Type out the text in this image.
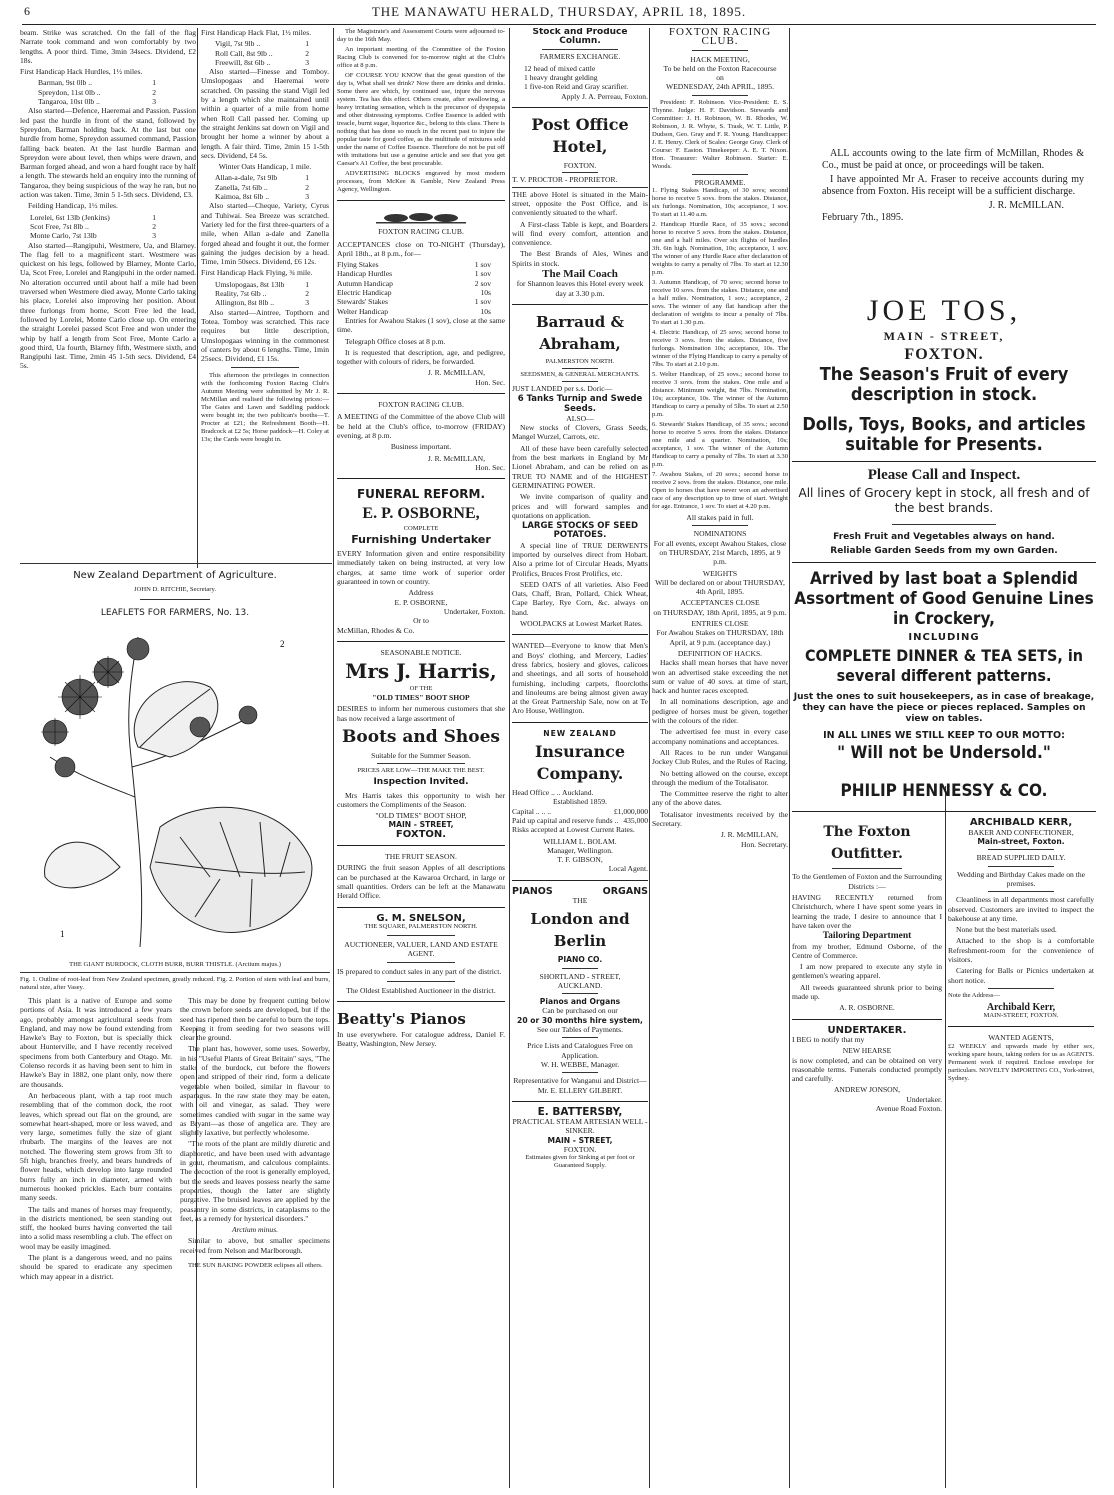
6	THE MANAWATU HERALD, THURSDAY, APRIL 18, 1895.

beam. Strike was scratched. On the fall of the flag Narrate took command and won comfortably by two lengths. A poor third. Time, 3min 34secs. Dividend, £2 18s.

First Handicap Hack Hurdles, 1½ miles.

Barman, 9st 0lb ..	1
Spreydon, 11st 0lb ..	2
Tangaroa, 10st 0lb ..	3

Also started—Defence, Haeremai and Passion. Passion led past the hurdle in front of the stand, followed by Spreydon, Barman holding back. At the last but one hurdle from home, Spreydon assumed command, Passion falling back beaten. At the last hurdle Barman and Spreydon were about level, then whips were drawn, and Barman forged ahead, and won a hard fought race by half a length. The stewards held an enquiry into the running of Tangaroa, they being suspicious of the way he ran, but no action was taken. Time, 3min 5 1-5th secs. Dividend, £3.

Feilding Handicap, 1½ miles.

Lorelei, 6st 13lb (Jenkins)	1
Scot Free, 7st 8lb ..	2
Monte Carlo, 7st 13lb	3

Also started—Rangipuhi, Westmere, Ua, and Blarney. The flag fell to a magnificent start. Westmere was quickest on his legs, followed by Blarney, Monte Carlo, Ua, Scot Free, Lorelei and Rangipuhi in the order named. No alteration occurred until about half a mile had been traversed when Westmere died away, Monte Carlo taking his place, Lorelei also improving her position. About three furlongs from home, Scott Free led the lead, followed by Lorelei, Monte Carlo close up. On entering the straight Lorelei passed Scot Free and won under the whip by half a length from Scot Free, Monte Carlo a good third, Ua fourth, Blarney fifth, Westmere sixth, and Rangipuhi last. Time, 2min 45 1-5th secs. Dividend, £4 5s.

First Handicap Hack Flat, 1½ miles.

Vigil, 7st 9lb ..	1
Roll Call, 8st 9lb ..	2
Freewill, 8st 6lb ..	3

Also started—Finesse and Tomboy. Umslopogaas and Haeremai were scratched. On passing the stand Vigil led by a length which she maintained until within a quarter of a mile from home when Roll Call passed her. Coming up the straight Jenkins sat down on Vigil and brought her home a winner by about a length. A fair third. Time, 2min 15 1-5th secs. Dividend, £4 5s.

Winter Oats Handicap, 1 mile.

Allan-a-dale, 7st 9lb	1
Zanella, 7st 6lb ..	2
Kaimoa, 8st 6lb ..	3

Also started—Cheque, Variety, Cyrus and Tuhiwai. Sea Breeze was scratched. Variety led for the first three-quarters of a mile, when Allan a-dale and Zanella forged ahead and fought it out, the former gaining the judges decision by a head. Time, 1min 50secs. Dividend, £6 12s.

First Handicap Hack Flying, ¾ mile.

Umslopogaas, 8st 13lb	1
Reality, 7st 6lb ..	2
Allington, 8st 8lb ..	3

Also started—Aintree, Topthorn and Totea. Tomboy was scratched. This race requires but little description, Umslopogaas winning in the commonest of canters by about 6 lengths. Time, 1min 25secs. Dividend, £1 15s.

This afternoon the privileges in connection with the forthcoming Foxton Racing Club's Autumn Meeting were submitted by Mr J. R. McMillan and realised the following prices:—The Gates and Lawn and Saddling paddock were bought in; the two publican's booths—T. Procter at £21; the Refreshment Booth—H. Bradcock at £2 5s; Horse paddock—H. Coley at 13s; the Cards were bought in.

New Zealand Department of Agriculture.
JOHN D. RITCHIE, Secretary.
LEAFLETS FOR FARMERS, No. 13.
1
2
THE GIANT BURDOCK, CLOTH BURR, BURR THISTLE. (Arctium majus.)

Fig. 1. Outline of root-leaf from New Zealand specimen, greatly reduced. Fig. 2. Portion of stem with leaf and burrs, natural size, after Vasey.

This plant is a native of Europe and some portions of Asia. It was introduced a few years ago, probably amongst agricultural seeds from England, and may now be found extending from Hawke's Bay to Foxton, but is specially thick about Hunterville, and I have recently received specimens from both Canterbury and Otago. Mr. Colenso records it as having been sent to him in Hawke's Bay in 1882, one plant only, now there are thousands.

An herbaceous plant, with a tap root much resembling that of the common dock, the root leaves, which spread out flat on the ground, are somewhat heart-shaped, more or less waved, and very large, sometimes fully the size of giant rhubarb. The margins of the leaves are not notched. The flowering stem grows from 3ft to 5ft high, branches freely, and bears hundreds of flower heads, which develop into large rounded burrs fully an inch in diameter, armed with numerous hooked prickles. Each burr contains many seeds.

The tails and manes of horses may frequently, in the districts mentioned, be seen standing out stiff, the hooked burrs having converted the tail into a solid mass resembling a club. The effect on wool may be easily imagined.

The plant is a dangerous weed, and no pains should be spared to eradicate any specimen which may appear in a district.

This may be done by frequent cutting below the crown before seeds are developed, but if the seed has ripened then be careful to burn the tops. Keeping it from seeding for two seasons will clear the ground.

The plant has, however, some uses. Sowerby, in his "Useful Plants of Great Britain" says, "The stalks of the burdock, cut before the flowers open and stripped of their rind, form a delicate vegetable when boiled, similar in flavour to asparagus. In the raw state they may be eaten, with oil and vinegar, as salad. They were sometimes candied with sugar in the same way as Bryant—as those of angelica are. They are slightly laxative, but perfectly wholesome.

"The roots of the plant are mildly diuretic and diaphoretic, and have been used with advantage in gout, rheumatism, and calculous complaints. The decoction of the root is generally employed, but the seeds and leaves possess nearly the same properties, though the latter are slightly purgative. The bruised leaves are applied by the peasantry in some districts, in cataplasms to the feet, as a remedy for hysterical disorders."

Arctium minus.

Similar to above, but smaller specimens received from Nelson and Marlborough.

THE SUN BAKING POWDER eclipses all others.

The Magistrate's and Assessment Courts were adjourned to-day to the 16th May.

An important meeting of the Committee of the Foxton Racing Club is convened for to-morrow night at the Club's office at 8 p.m.

OF COURSE YOU KNOW that the great question of the day is, What shall we drink? Now there are drinks and drinks. Some there are which, by continued use, injure the nervous system. Tea has this effect. Others create, after swallowing, a heavy irritating sensation, which is the precursor of dyspepsia and other distressing symptoms. Coffee Essence is added with treacle, burnt sugar, liquorice &c., belong to this class. There is nothing that has done so much in the recent past to injure the popular taste for good coffee, as the multitude of mixtures sold under the name of Coffee Essence. Therefore do not be put off with imitations but use a genuine article and see that you get Caesar's A1 Coffee, the best procurable.

ADVERTISING BLOCKS engraved by most modern processes, from McKee & Gamble, New Zealand Press Agency, Wellington.

FOXTON RACING CLUB.

ACCEPTANCES close on TO-NIGHT (Thursday), April 18th., at 8 p.m., for—

Flying Stakes	1 sov
Handicap Hurdles	1 sov
Autumn Handicap	2 sov
Electric Handicap	10s
Stewards' Stakes	1 sov
Welter Handicap	10s

Entries for Awahou Stakes (1 sov), close at the same time.

Telegraph Office closes at 8 p.m.

It is requested that description, age, and pedigree, together with colours of riders, be forwarded.

J. R. McMILLAN,
Hon. Sec.
FOXTON RACING CLUB.

A MEETING of the Committee of the above Club will be held at the Club's office, to-morrow (FRIDAY) evening, at 8 p.m.

Business important.

J. R. McMILLAN,
Hon. Sec.
FUNERAL REFORM.
E. P. OSBORNE,
COMPLETE
Furnishing Undertaker

EVERY Information given and entire responsibility immediately taken on being instructed, at very low charges, at same time work of superior order guaranteed in town or country.

Address
E. P. OSBORNE,
Undertaker, Foxton.
Or to
McMillan, Rhodes & Co.
SEASONABLE NOTICE.
Mrs J. Harris,
OF THE
"OLD TIMES" BOOT SHOP

DESIRES to inform her numerous customers that she has now received a large assortment of

Boots and Shoes
Suitable for the Summer Season.
PRICES ARE LOW—THE MAKE THE BEST.
Inspection Invited.

Mrs Harris takes this opportunity to wish her customers the Compliments of the Season.

"OLD TIMES" BOOT SHOP,
MAIN - STREET,
FOXTON.
THE FRUIT SEASON.

DURING the fruit season Apples of all descriptions can be purchased at the Kawaroa Orchard, in large or small quantities. Orders can be left at the Manawatu Herald Office.

G. M. SNELSON,
THE SQUARE, PALMERSTON NORTH.
AUCTIONEER, VALUER, LAND AND ESTATE AGENT.

IS prepared to conduct sales in any part of the district.

The Oldest Established Auctioneer in the district.
Beatty's Pianos

In use everywhere. For catalogue address, Daniel F. Beatty, Washington, New Jersey.

Stock and Produce Column.
FARMERS EXCHANGE.
12 head of mixed cattle
1 heavy draught gelding
1 five-ton Reid and Gray scarifier.
Apply J. A. Perreau, Foxton.
Post Office Hotel,
FOXTON.
T. V. PROCTOR - PROPRIETOR.

THE above Hotel is situated in the Main-street, opposite the Post Office, and is conveniently situated to the wharf.

A First-class Table is kept, and Boarders will find every comfort, attention and convenience.

The Best Brands of Ales, Wines and Spirits in stock.

The Mail Coach

for Shannon leaves this Hotel every week day at 3.30 p.m.

Barraud & Abraham,
PALMERSTON NORTH.
SEEDSMEN, & GENERAL MERCHANTS.

JUST LANDED per s.s. Doric—

6 Tanks Turnip and Swede Seeds.
ALSO—

New stocks of Clovers, Grass Seeds, Mangel Wurzel, Carrots, etc.

All of these have been carefully selected from the best markets in England by Mr Lionel Abraham, and can be relied on as TRUE TO NAME and of the HIGHEST GERMINATING POWER.

We invite comparison of quality and prices and will forward samples and quotations on application.

LARGE STOCKS OF SEED POTATOES.

A special line of TRUE DERWENTS imported by ourselves direct from Hobart. Also a prime lot of Circular Heads, Myatts Prolifics, Bruces Frost Prolifics, etc.

SEED OATS of all varieties. Also Feed Oats, Chaff, Bran, Pollard, Chick Wheat, Cape Barley, Rye Corn, &c. always on hand.

WOOLPACKS at Lowest Market Rates.

WANTED—Everyone to know that Men's and Boys' clothing, and Mercery, Ladies' dress fabrics, hosiery and gloves, calicoes and sheetings, and all sorts of household furnishing, including carpets, floorcloths and linoleums are being almost given away at the Great Partnership Sale, now on at Te Aro House, Wellington.

NEW ZEALAND
Insurance Company.
Head Office .. .. Auckland.
Established 1859.
Capital .. .. ..	£1,000,000
Paid up capital and reserve funds .. 435,000

Risks accepted at Lowest Current Rates.

WILLIAM L. BOLAM.
Manager, Wellington.
T. F. GIBSON,
Local Agent.
PIANOS	ORGANS
THE
London and Berlin
PIANO CO.
SHORTLAND - STREET,
AUCKLAND.
Pianos and Organs
Can be purchased on our
20 or 30 months hire system,
See our Tables of Payments.
Price Lists and Catalogues Free on Application.
W. H. WEBBE, Manager.
Representative for Wanganui and District—
Mr. E. ELLERY GILBERT.
E. BATTERSBY,
PRACTICAL STEAM ARTESIAN WELL - SINKER.
MAIN - STREET,
FOXTON.
Estimates given for Sinking at per foot or Guaranteed Supply.
FOXTON RACING CLUB.
HACK MEETING,
To be held on the Foxton Racecourse
on
WEDNESDAY, 24th APRIL, 1895.

President: F. Robinson. Vice-President: E. S. Thynne. Judge: H. F. Davidson. Stewards and Committee: J. H. Robinson, W. B. Rhodes, W. Robinson, J. R. Whyte, S. Trask, W. T. Little, P. Dudson, Geo. Gray and F. R. Young. Handicapper: J. E. Henry. Clerk of Scales: George Gray. Clerk of Course: F. Easton. Timekeeper: A. E. T. Nixon. Hon. Treasurer: Walter Robinson. Starter: E. Woods.

PROGRAMME.

1. Flying Stakes Handicap, of 30 sovs; second horse to receive 5 sovs. from the stakes. Distance, six furlongs. Nomination, 10s; acceptance, 1 sov. To start at 11.40 a.m.

2. Handicap Hurdle Race, of 35 sovs.; second horse to receive 5 sovs. from the stakes. Distance, one and a half miles. Over six flights of hurdles 3ft. 6in high. Nomination, 10s; acceptance, 1 sov. The winner of any Hurdle Race after declaration of weights to carry a penalty of 7lbs. To start at 12.30 p.m.

3. Autumn Handicap, of 70 sovs; second horse to receive 10 sovs. from the stakes. Distance, one and a half miles. Nomination, 1 sov.; acceptance, 2 sovs. The winner of any flat handicap after the declaration of weights to incur a penalty of 7lbs. To start at 1.30 p.m.

4. Electric Handicap, of 25 sovs; second horse to receive 3 sovs. from the stakes. Distance, five furlongs. Nomination 10s; acceptance, 10s. The winner of the Flying Handicap to carry a penalty of 7lbs. To start at 2.10 p.m.

5. Welter Handicap, of 25 sovs.; second horse to receive 3 sovs. from the stakes. One mile and a distance. Minimum weight, 8st 7lbs. Nomination, 10s; acceptance, 10s. The winner of the Autumn Handicap to carry a penalty of 5lbs. To start at 2.50 p.m.

6. Stewards' Stakes Handicap, of 35 sovs.; second horse to receive 5 sovs. from the stakes. Distance one mile and a quarter. Nomination, 10s; acceptance, 1 sov. The winner of the Autumn Handicap to carry a penalty of 7lbs. To start at 3.30 p.m.

7. Awahou Stakes, of 20 sovs.; second horse to receive 2 sovs. from the stakes. Distance, one mile. Open to horses that have never won an advertised race of any description up to time of start. Weight for age. Entrance, 1 sov. To start at 4.20 p.m.

All stakes paid in full.
NOMINATIONS

For all events, except Awahou Stakes, close on THURSDAY, 21st March, 1895, at 9 p.m.

WEIGHTS

Will be declared on or about THURSDAY, 4th April, 1895.

ACCEPTANCES CLOSE

on THURSDAY, 18th April, 1895, at 9 p.m.

ENTRIES CLOSE

For Awahou Stakes on THURSDAY, 18th April, at 9 p.m. (acceptance day.)

DEFINITION OF HACKS.

Hacks shall mean horses that have never won an advertised stake exceeding the net sum or value of 40 sovs. at time of start, hack and hunter races excepted.

In all nominations description, age and pedigree of horses must be given, together with the colours of the rider.

The advertised fee must in every case accompany nominations and acceptances.

All Races to be run under Wanganui Jockey Club Rules, and the Rules of Racing.

No betting allowed on the course, except through the medium of the Totalisator.

The Committee reserve the right to alter any of the above dates.

Totalisator investments received by the Secretary.

J. R. McMILLAN,
Hon. Secretary.

ALL accounts owing to the late firm of McMillan, Rhodes & Co., must be paid at once, or proceedings will be taken.

I have appointed Mr A. Fraser to receive accounts during my absence from Foxton. His receipt will be a sufficient discharge.

J. R. McMILLAN.
February 7th., 1895.
JOE TOS,
MAIN - STREET,
FOXTON.
The Season's Fruit of every description in stock.
Dolls, Toys, Books, and articles suitable for Presents.
Please Call and Inspect.
All lines of Grocery kept in stock, all fresh and of the best brands.
Fresh Fruit and Vegetables always on hand.
Reliable Garden Seeds from my own Garden.
Arrived by last boat a Splendid Assortment of Good Genuine Lines in Crockery,
INCLUDING
COMPLETE DINNER & TEA SETS, in several different patterns.
Just the ones to suit housekeepers, as in case of breakage, they can have the piece or pieces replaced. Samples on view on tables.
IN ALL LINES WE STILL KEEP TO OUR MOTTO:
" Will not be Undersold."
PHILIP HENNESSY & CO.
The Foxton Outfitter.

To the Gentlemen of Foxton and the Surrounding Districts :—

HAVING RECENTLY returned from Christchurch, where I have spent some years in learning the trade, I desire to announce that I have taken over the

Tailoring Department

from my brother, Edmund Osborne, of the Centre of Commerce.

I am now prepared to execute any style in gentlemen's wearing apparel.

All tweeds guaranteed shrunk prior to being made up.

A. R. OSBORNE.
UNDERTAKER.

I BEG to notify that my

NEW HEARSE

is now completed, and can be obtained on very reasonable terms. Funerals conducted promptly and carefully.

ANDREW JONSON,
Undertaker.
Avenue Road Foxton.
ARCHIBALD KERR,
BAKER AND CONFECTIONER,
Main-street, Foxton.
BREAD SUPPLIED DAILY.

Wedding and Birthday Cakes made on the premises.

Cleanliness in all departments most carefully observed. Customers are invited to inspect the bakehouse at any time.

None but the best materials used.

Attached to the shop is a comfortable Refreshment-room for the convenience of visitors.

Catering for Balls or Picnics undertaken at short notice.

Note the Address—
Archibald Kerr,
MAIN-STREET, FOXTON.
WANTED AGENTS,

£2 WEEKLY and upwards made by either sex, working spare hours, taking orders for us as AGENTS. Permanent work if required. Enclose envelope for particulars. NOVELTY IMPORTING CO., York-street, Sydney.
